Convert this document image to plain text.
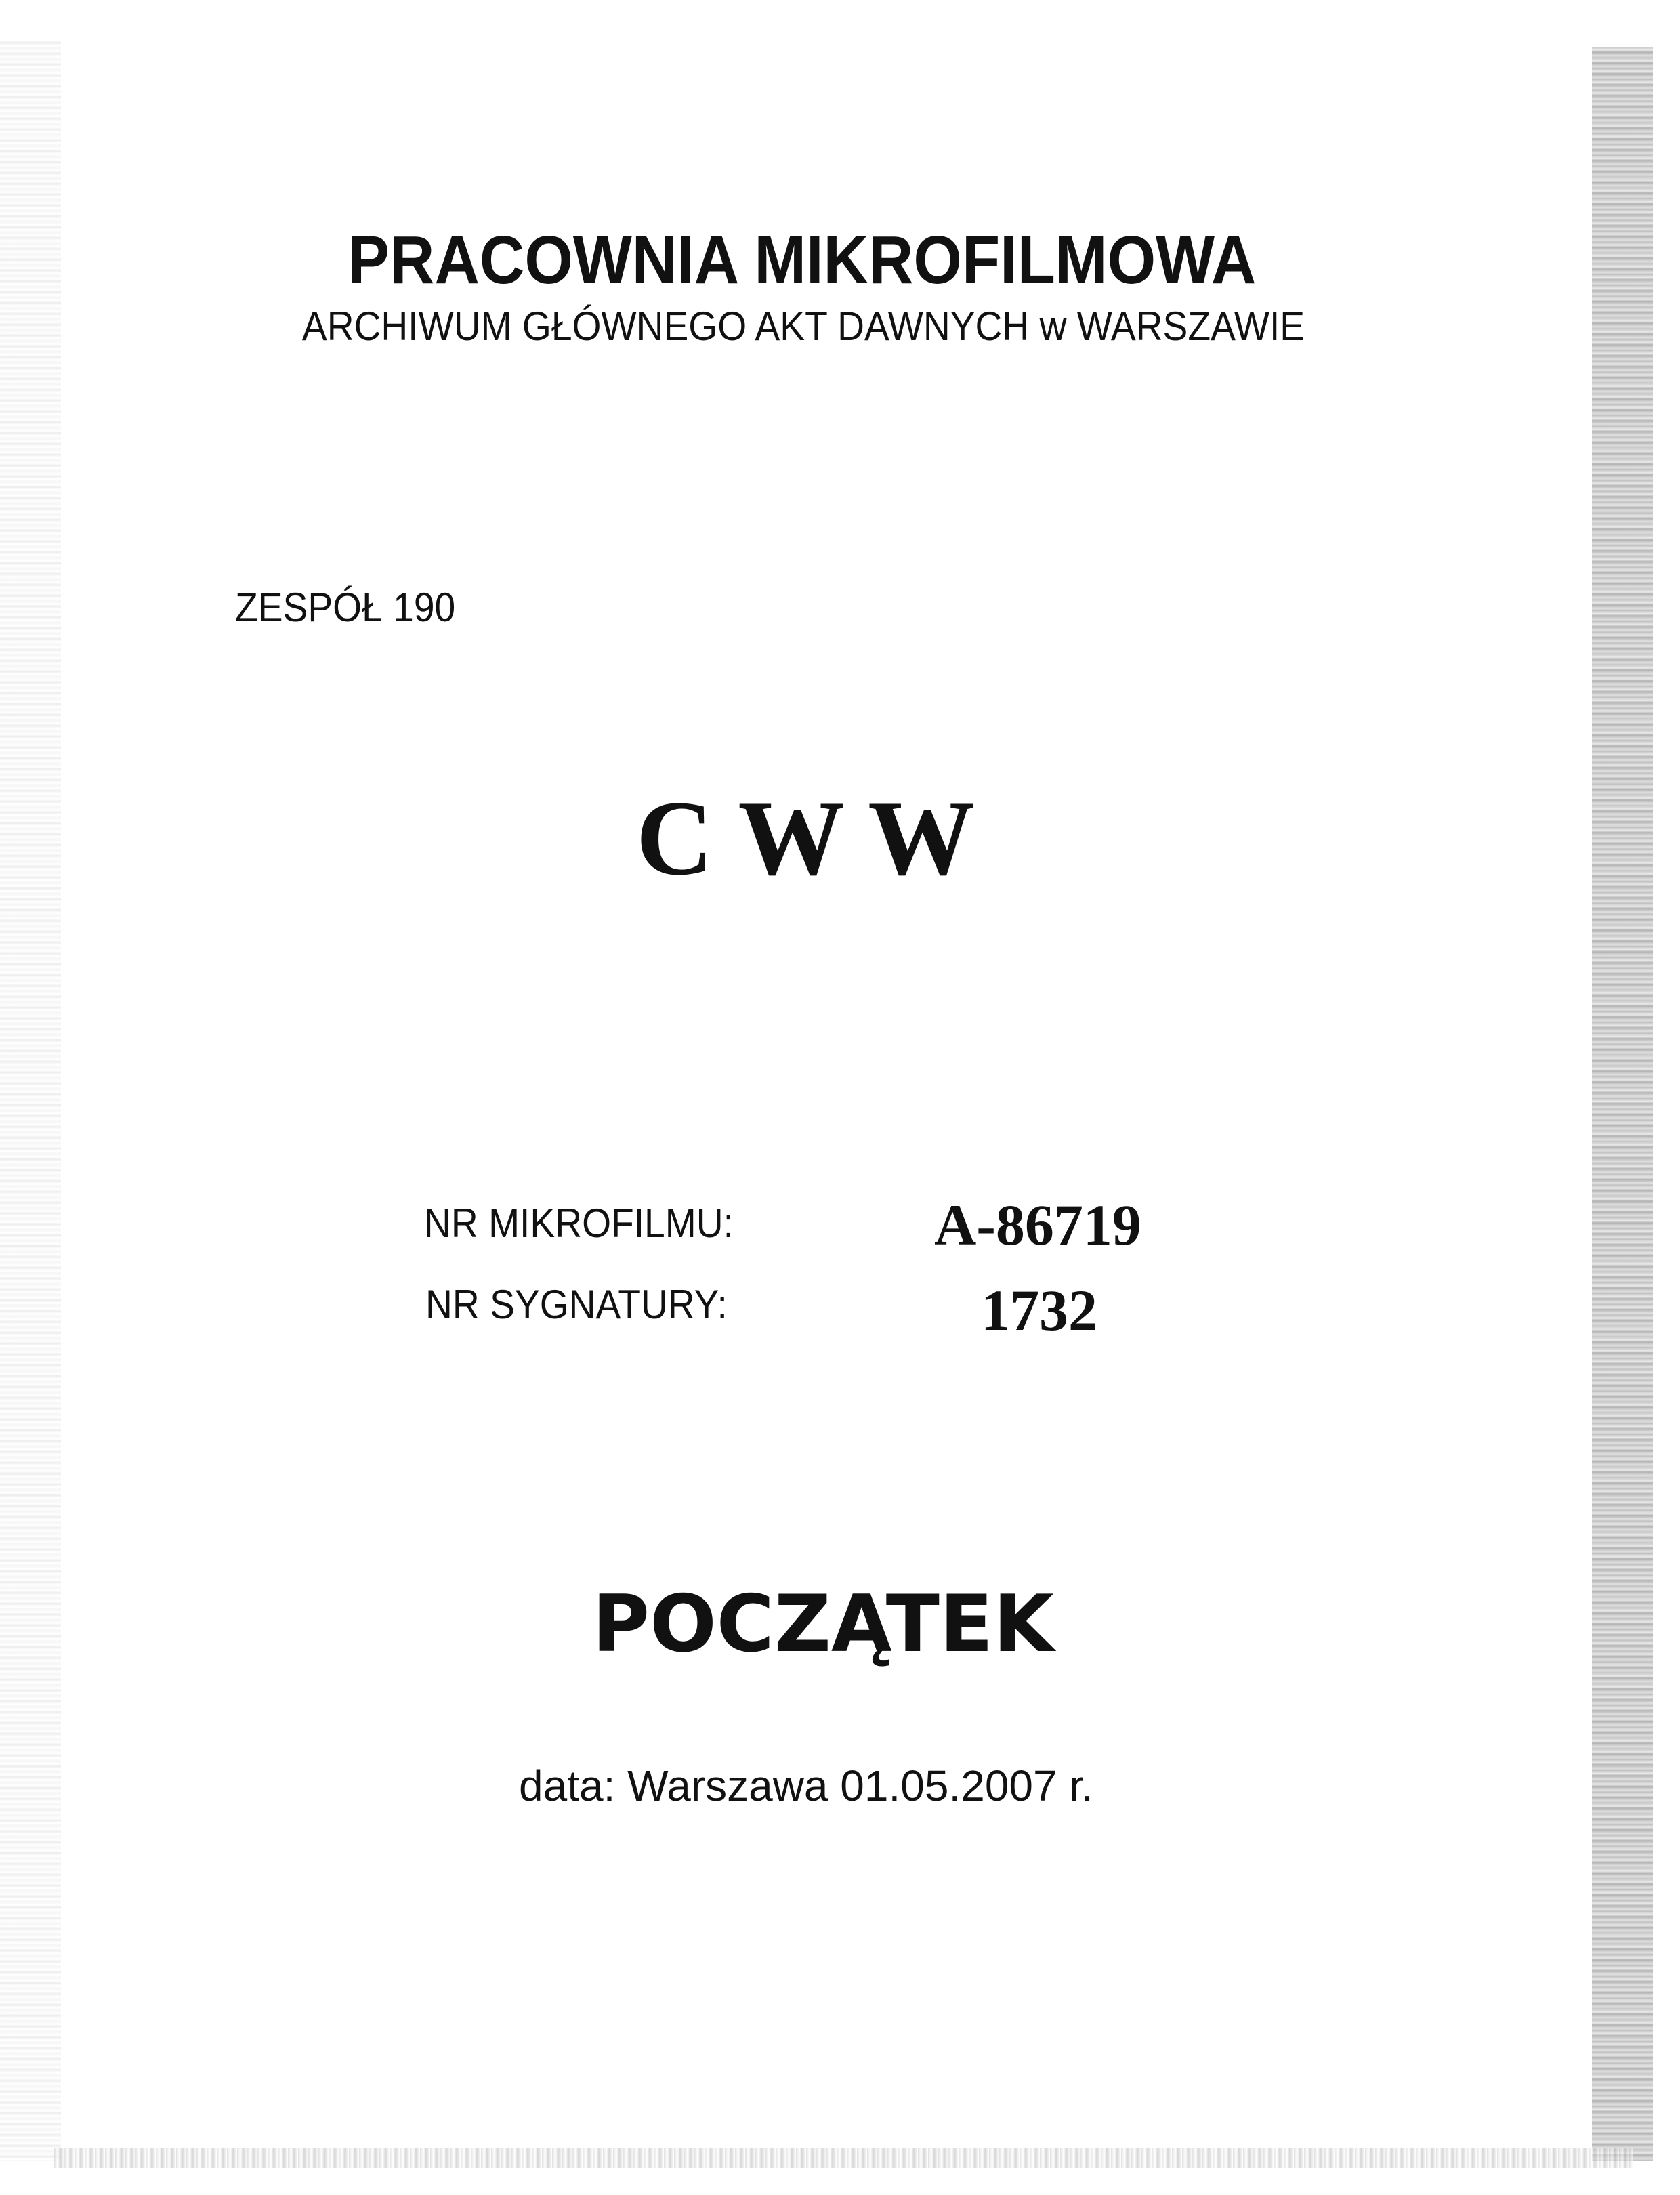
PRACOWNIA MIKROFILMOWA
ARCHIWUM GŁÓWNEGO AKT DAWNYCH w WARSZAWIE
ZESPÓŁ 190
C W W
NR MIKROFILMU:	A-86719
NR SYGNATURY:	1732
POCZĄTEK
data: Warszawa 01.05.2007 r.
